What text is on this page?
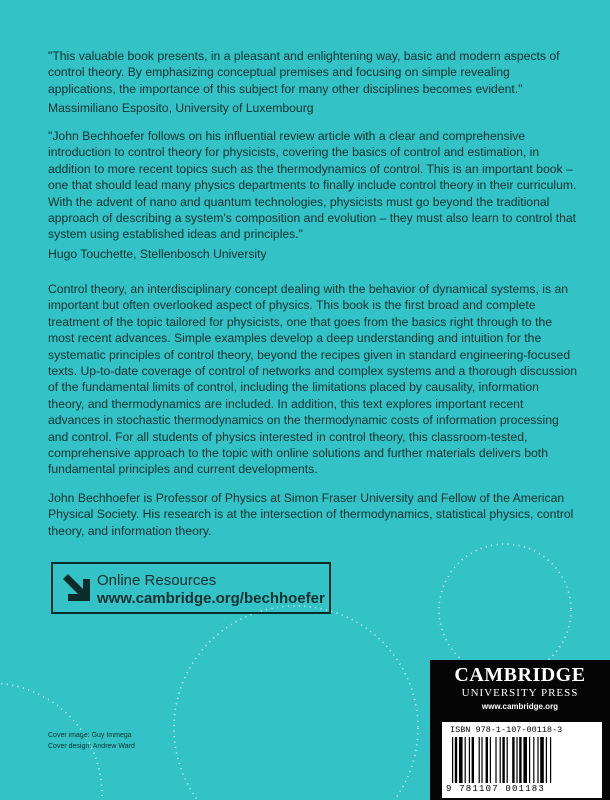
"This valuable book presents, in a pleasant and enlightening way, basic and modern aspects of control theory. By emphasizing conceptual premises and focusing on simple revealing applications, the importance of this subject for many other disciplines becomes evident."
Massimiliano Esposito, University of Luxembourg
"John Bechhoefer follows on his influential review article with a clear and comprehensive introduction to control theory for physicists, covering the basics of control and estimation, in addition to more recent topics such as the thermodynamics of control. This is an important book – one that should lead many physics departments to finally include control theory in their curriculum. With the advent of nano and quantum technologies, physicists must go beyond the traditional approach of describing a system's composition and evolution – they must also learn to control that system using established ideas and principles."
Hugo Touchette, Stellenbosch University
Control theory, an interdisciplinary concept dealing with the behavior of dynamical systems, is an important but often overlooked aspect of physics. This book is the first broad and complete treatment of the topic tailored for physicists, one that goes from the basics right through to the most recent advances. Simple examples develop a deep understanding and intuition for the systematic principles of control theory, beyond the recipes given in standard engineering-focused texts. Up-to-date coverage of control of networks and complex systems and a thorough discussion of the fundamental limits of control, including the limitations placed by causality, information theory, and thermodynamics are included. In addition, this text explores important recent advances in stochastic thermodynamics on the thermodynamic costs of information processing and control. For all students of physics interested in control theory, this classroom-tested, comprehensive approach to the topic with online solutions and further materials delivers both fundamental principles and current developments.
John Bechhoefer is Professor of Physics at Simon Fraser University and Fellow of the American Physical Society. His research is at the intersection of thermodynamics, statistical physics, control theory, and information theory.
Online Resources
www.cambridge.org/bechhoefer
Cover image: Guy Immega
Cover design: Andrew Ward
CAMBRIDGE
UNIVERSITY PRESS
www.cambridge.org
ISBN 978-1-107-00118-3
9 781107 001183
